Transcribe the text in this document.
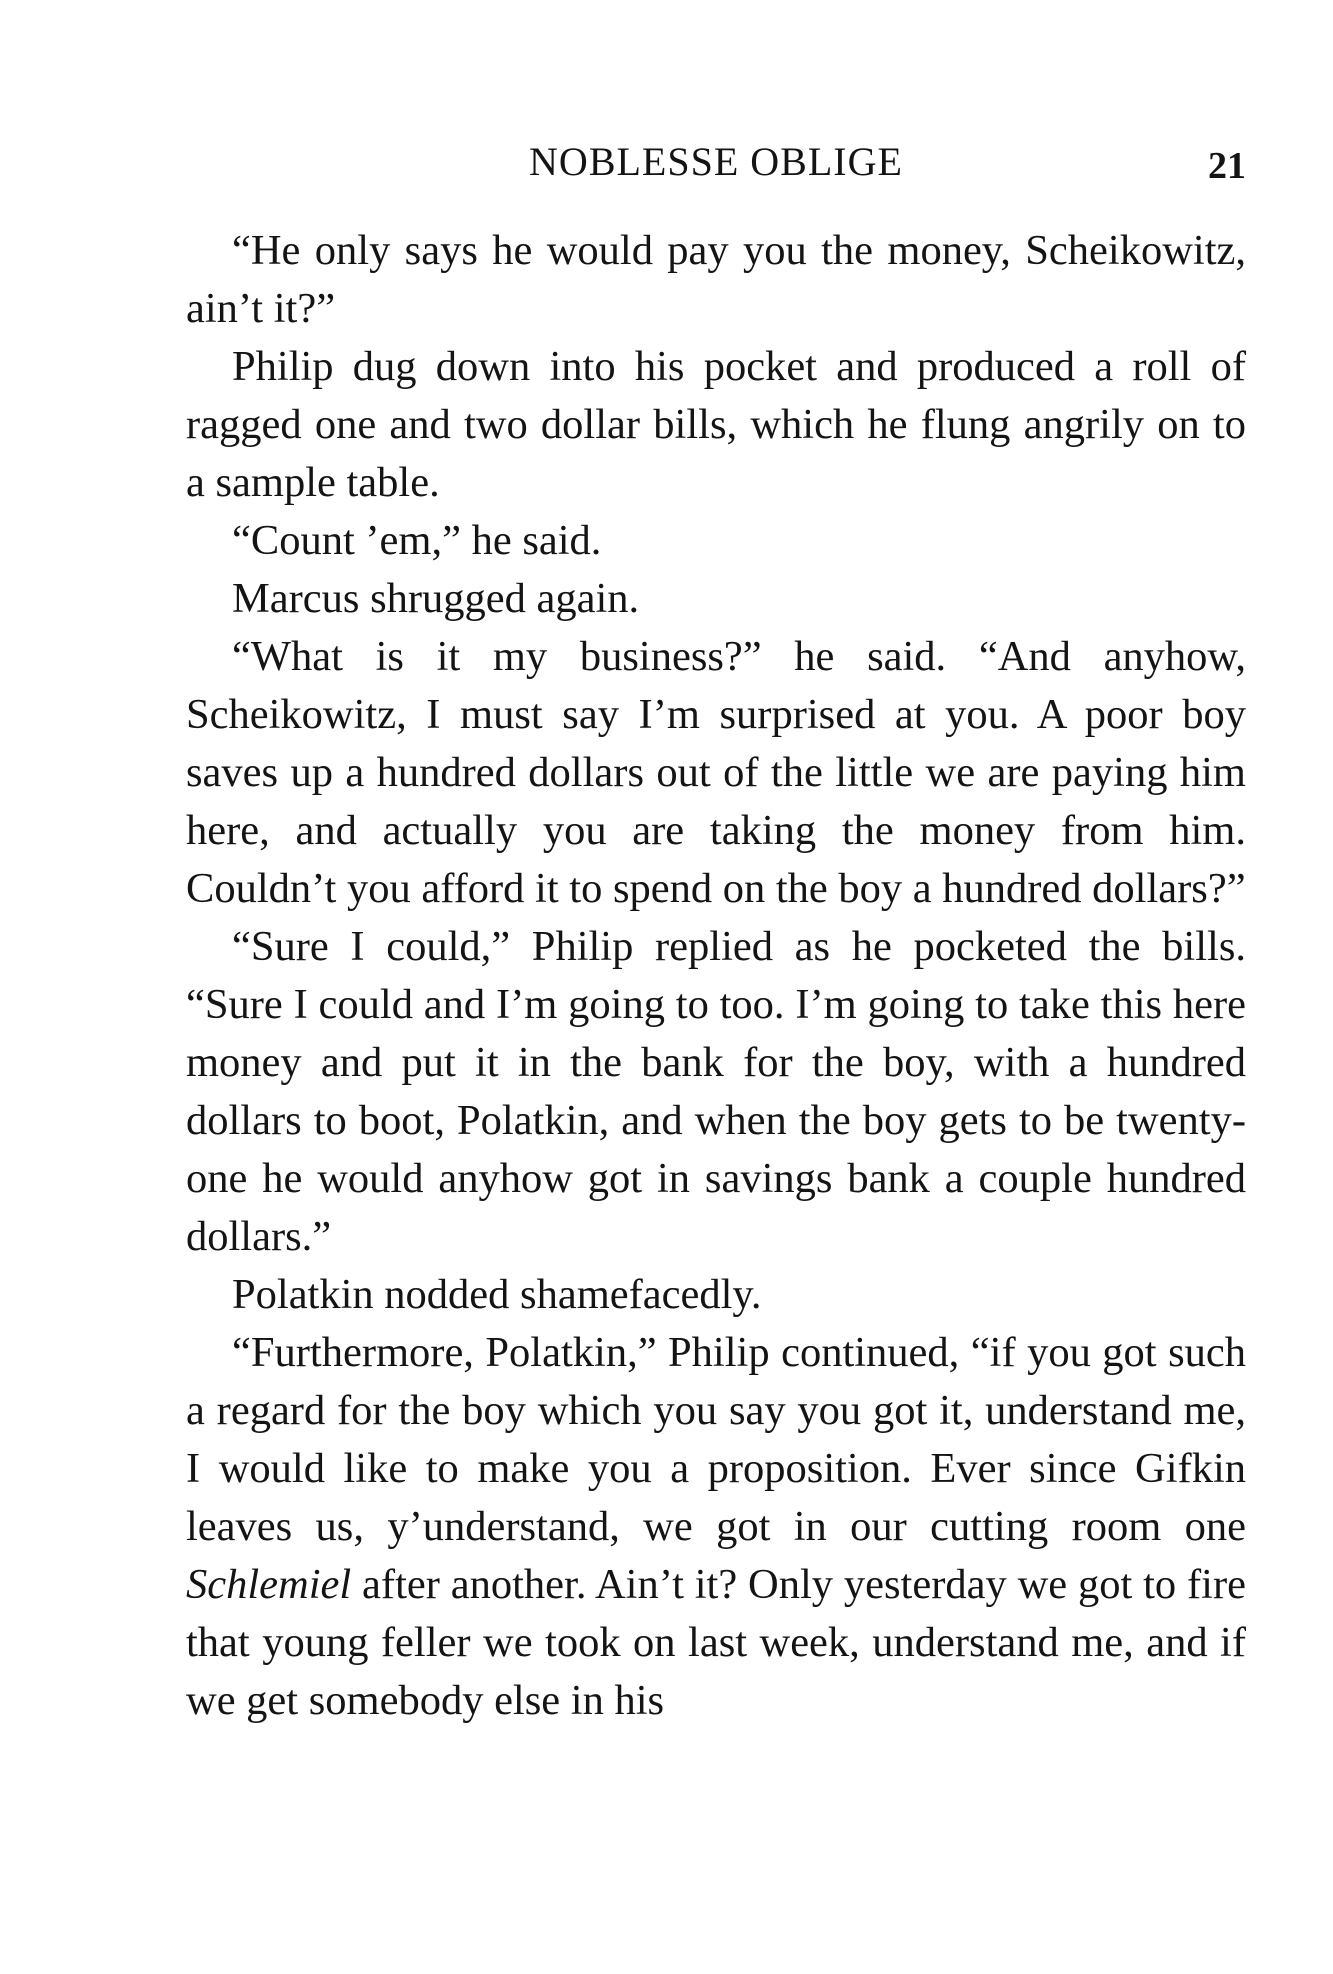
NOBLESSE OBLIGE	21

“He only says he would pay you the money, Scheikowitz, ain’t it?”

Philip dug down into his pocket and produced a roll of ragged one and two dollar bills, which he flung angrily on to a sample table.

“Count ’em,” he said.

Marcus shrugged again.

“What is it my business?” he said. “And anyhow, Scheikowitz, I must say I’m surprised at you. A poor boy saves up a hundred dollars out of the little we are paying him here, and actually you are taking the money from him. Couldn’t you afford it to spend on the boy a hundred dollars?”

“Sure I could,” Philip replied as he pocketed the bills. “Sure I could and I’m going to too. I’m going to take this here money and put it in the bank for the boy, with a hundred dollars to boot, Polatkin, and when the boy gets to be twenty-one he would anyhow got in savings bank a couple hundred dollars.”

Polatkin nodded shamefacedly.

“Furthermore, Polatkin,” Philip continued, “if you got such a regard for the boy which you say you got it, understand me, I would like to make you a proposition. Ever since Gifkin leaves us, y’understand, we got in our cutting room one Schlemiel after another. Ain’t it? Only yesterday we got to fire that young feller we took on last week, understand me, and if we get somebody else in his
